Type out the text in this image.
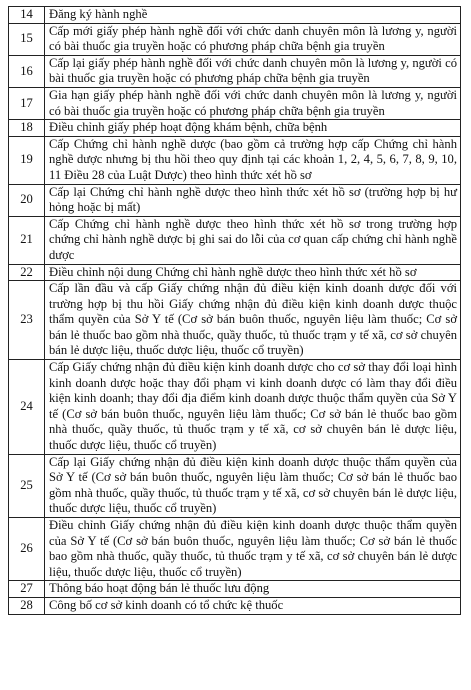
14	Đăng ký hành nghề
15	Cấp mới giấy phép hành nghề đối với chức danh chuyên môn là lương y, người có bài thuốc gia truyền hoặc có phương pháp chữa bệnh gia truyền
16	Cấp lại giấy phép hành nghề đối với chức danh chuyên môn là lương y, người có bài thuốc gia truyền hoặc có phương pháp chữa bệnh gia truyền
17	Gia hạn giấy phép hành nghề đối với chức danh chuyên môn là lương y, người có bài thuốc gia truyền hoặc có phương pháp chữa bệnh gia truyền
18	Điều chỉnh giấy phép hoạt động khám bệnh, chữa bệnh
19	Cấp Chứng chỉ hành nghề dược (bao gồm cả trường hợp cấp Chứng chỉ hành nghề dược nhưng bị thu hồi theo quy định tại các khoản 1, 2, 4, 5, 6, 7, 8, 9, 10, 11 Điều 28 của Luật Dược) theo hình thức xét hồ sơ
20	Cấp lại Chứng chỉ hành nghề dược theo hình thức xét hồ sơ (trường hợp bị hư hỏng hoặc bị mất)
21	Cấp Chứng chỉ hành nghề dược theo hình thức xét hồ sơ trong trường hợp chứng chỉ hành nghề dược bị ghi sai do lỗi của cơ quan cấp chứng chỉ hành nghề dược
22	Điều chỉnh nội dung Chứng chỉ hành nghề dược theo hình thức xét hồ sơ
23	Cấp lần đầu và cấp Giấy chứng nhận đủ điều kiện kinh doanh dược đối với trường hợp bị thu hồi Giấy chứng nhận đủ điều kiện kinh doanh dược thuộc thẩm quyền của Sở Y tế (Cơ sở bán buôn thuốc, nguyên liệu làm thuốc; Cơ sở bán lẻ thuốc bao gồm nhà thuốc, quầy thuốc, tủ thuốc trạm y tế xã, cơ sở chuyên bán lẻ dược liệu, thuốc dược liệu, thuốc cổ truyền)
24	Cấp Giấy chứng nhận đủ điều kiện kinh doanh dược cho cơ sở thay đổi loại hình kinh doanh dược hoặc thay đổi phạm vi kinh doanh dược có làm thay đổi điều kiện kinh doanh; thay đổi địa điểm kinh doanh dược thuộc thẩm quyền của Sở Y tế (Cơ sở bán buôn thuốc, nguyên liệu làm thuốc; Cơ sở bán lẻ thuốc bao gồm nhà thuốc, quầy thuốc, tủ thuốc trạm y tế xã, cơ sở chuyên bán lẻ dược liệu, thuốc dược liệu, thuốc cổ truyền)
25	Cấp lại Giấy chứng nhận đủ điều kiện kinh doanh dược thuộc thẩm quyền của Sở Y tế (Cơ sở bán buôn thuốc, nguyên liệu làm thuốc; Cơ sở bán lẻ thuốc bao gồm nhà thuốc, quầy thuốc, tủ thuốc trạm y tế xã, cơ sở chuyên bán lẻ dược liệu, thuốc dược liệu, thuốc cổ truyền)
26	Điều chỉnh Giấy chứng nhận đủ điều kiện kinh doanh dược thuộc thẩm quyền của Sở Y tế (Cơ sở bán buôn thuốc, nguyên liệu làm thuốc; Cơ sở bán lẻ thuốc bao gồm nhà thuốc, quầy thuốc, tủ thuốc trạm y tế xã, cơ sở chuyên bán lẻ dược liệu, thuốc dược liệu, thuốc cổ truyền)
27	Thông báo hoạt động bán lẻ thuốc lưu động
28	Công bố cơ sở kinh doanh có tổ chức kệ thuốc
